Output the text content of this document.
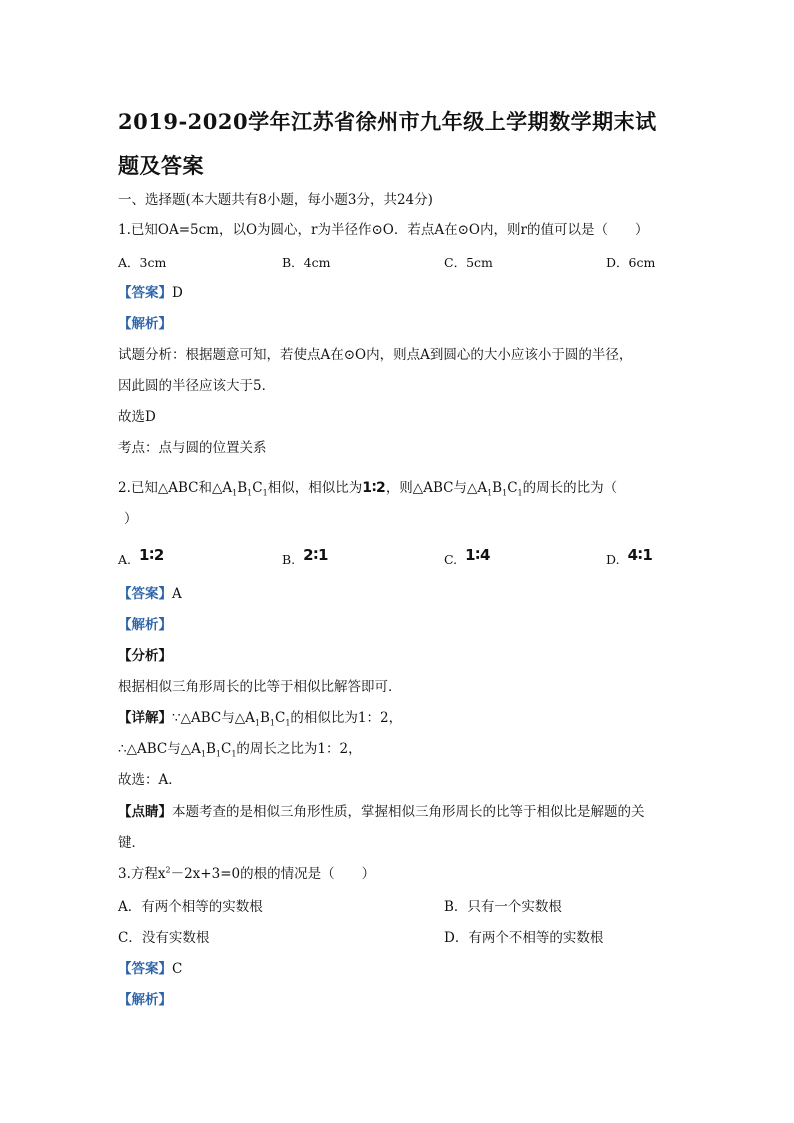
2019-2020学年江苏省徐州市九年级上学期数学期末试题及答案
一、选择题(本大题共有8小题，每小题3分，共24分)
1.已知OA=5cm，以O为圆心，r为半径作⊙O．若点A在⊙O内，则r的值可以是（　　）
A．3cm	B．4cm	C．5cm	D．6cm
【答案】D
【解析】
试题分析：根据题意可知，若使点A在⊙O内，则点A到圆心的大小应该小于圆的半径，
因此圆的半径应该大于5．
故选D
考点：点与圆的位置关系
2.已知△ABC和$\triangle A_1B_1C_1$相似，相似比为1∶2，则△ABC与$\triangle A_1B_1C_1$的周长的比为（
）
A. 1∶2	B. 2∶1	C. 1∶4	D. 4∶1
【答案】A
【解析】
【分析】
根据相似三角形周长的比等于相似比解答即可．
【详解】∵△ABC与$\triangle A_1B_1C_1$的相似比为1：2，
∴△ABC与$\triangle A_1B_1C_1$的周长之比为1：2，
故选：A．
【点睛】本题考查的是相似三角形性质，掌握相似三角形周长的比等于相似比是解题的关
键．
3.方程$x^2-2x+3=0$的根的情况是（　　）
A．有两个相等的实数根	B．只有一个实数根
C．没有实数根	D．有两个不相等的实数根
【答案】C
【解析】
